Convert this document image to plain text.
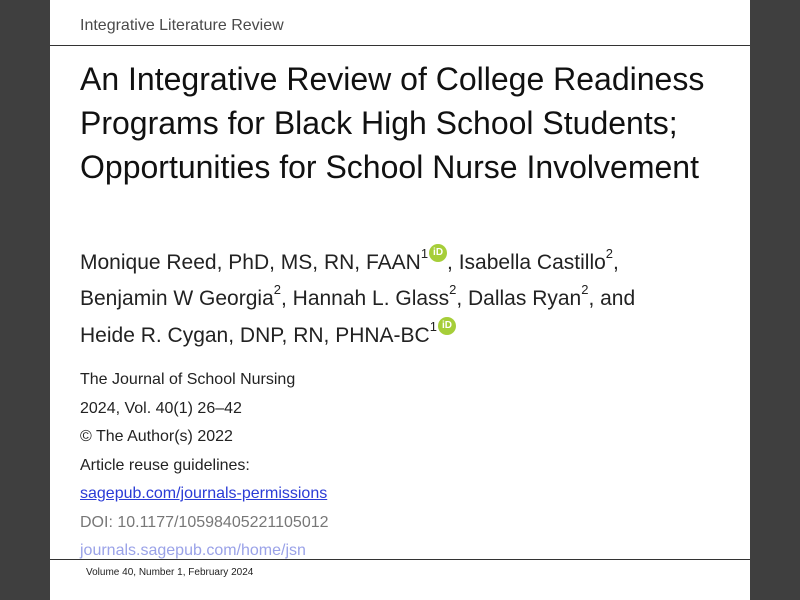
Integrative Literature Review
An Integrative Review of College Readiness Programs for Black High School Students; Opportunities for School Nurse Involvement
Monique Reed, PhD, MS, RN, FAAN$^1$ iD , Isabella Castillo$^2$,
Benjamin W Georgia$^2$, Hannah L. Glass$^2$, Dallas Ryan$^2$, and
Heide R. Cygan, DNP, RN, PHNA-$BC^1$ iD
The Journal of School Nursing
2024, Vol. 40(1) 26–42
© The Author(s) 2022
Article reuse guidelines:
sagepub.com/journals-permissions
DOI: 10.1177/10598405221105012
journals.sagepub.com/home/jsn
Volume 40, Number 1, February 2024
